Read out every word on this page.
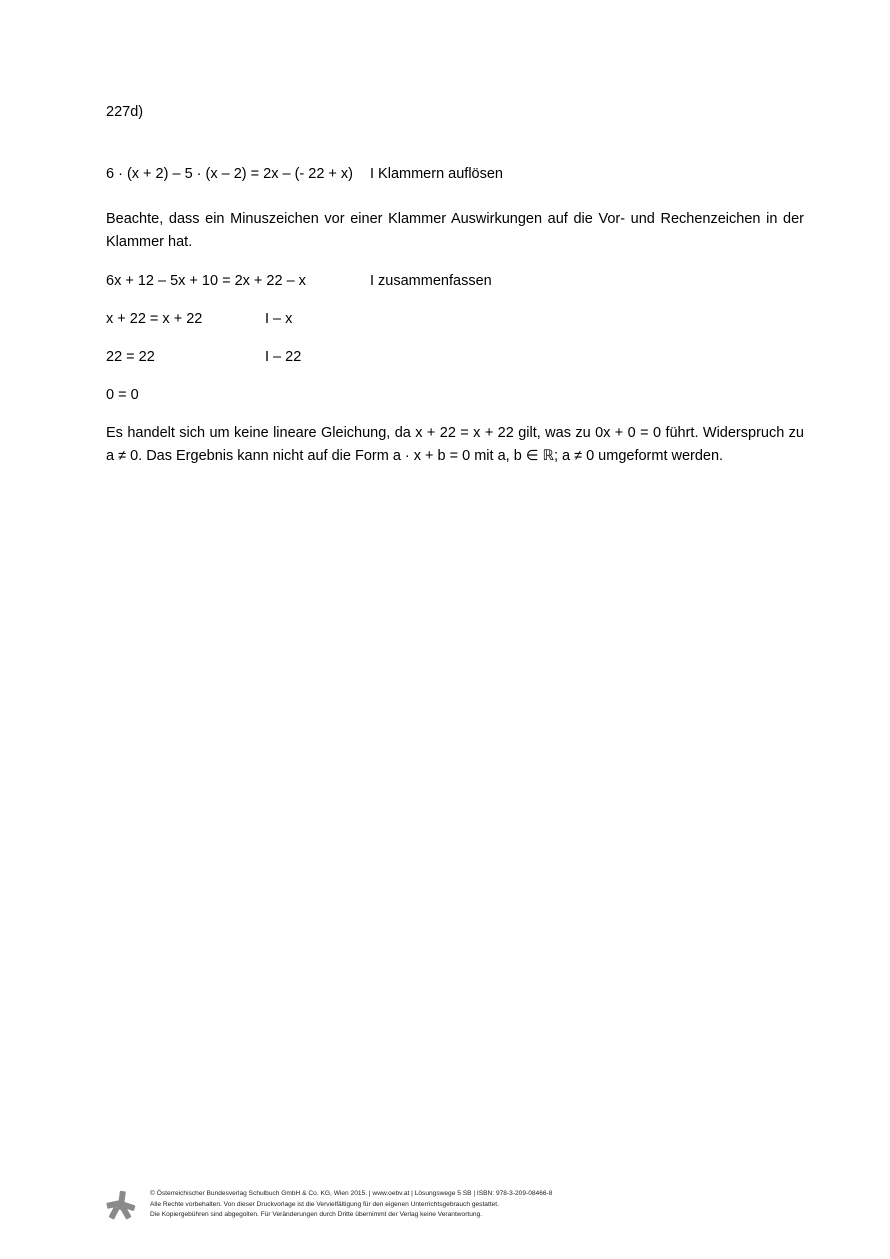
227d)
6 · (x + 2) – 5 · (x – 2) = 2x – (- 22 + x) I Klammern auflösen
Beachte, dass ein Minuszeichen vor einer Klammer Auswirkungen auf die Vor- und Rechenzeichen in der Klammer hat.
6x + 12 – 5x + 10 = 2x + 22 – x	I zusammenfassen
x + 22 = x + 22	I – x
22 = 22	I – 22
0 = 0
Es handelt sich um keine lineare Gleichung, da x + 22 = x + 22 gilt, was zu 0x + 0 = 0 führt. Widerspruch zu a ≠ 0. Das Ergebnis kann nicht auf die Form a · x + b = 0 mit a, b ∈ ℝ; a ≠ 0 umgeformt werden.
© Österreichischer Bundesverlag Schulbuch GmbH & Co. KG, Wien 2015. | www.oebv.at | Lösungswege 5 SB | ISBN: 978-3-209-08466-8
Alle Rechte vorbehalten. Von dieser Druckvorlage ist die Vervielfältigung für den eigenen Unterrichtsgebrauch gestattet.
Die Kopiergebühren sind abgegolten. Für Veränderungen durch Dritte übernimmt der Verlag keine Verantwortung.
